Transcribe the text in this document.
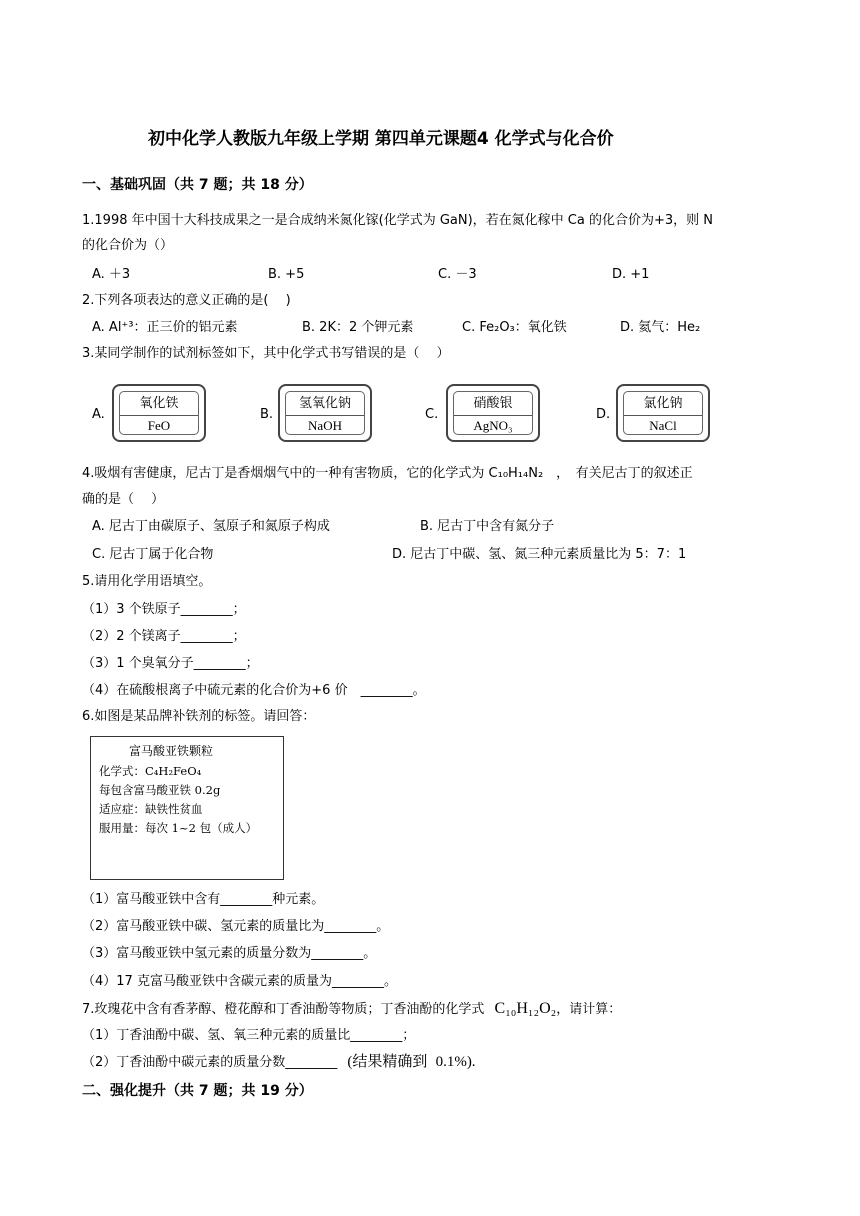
初中化学人教版九年级上学期 第四单元课题4 化学式与化合价
一、基础巩固（共 7 题；共 18 分）
1.1998 年中国十大科技成果之一是合成纳米氮化镓(化学式为 GaN)，若在氮化稼中 Ca 的化合价为+3，则 N
的化合价为（）
A. ＋3	B. +5	C. －3	D. +1
2.下列各项表达的意义正确的是(　 )
A. Al⁺³：正三价的铝元素	B. 2K：2 个钾元素	C. Fe₂O₃：氧化铁	D. 氦气：He₂
3.某同学制作的试剂标签如下，其中化学式书写错误的是（　 ）
A.
氧化铁
FeO
B.
氢氧化钠
NaOH
C.
硝酸银
AgNO₃
D.
氯化钠
NaCl
4.吸烟有害健康，尼古丁是香烟烟气中的一种有害物质，它的化学式为 C₁₀H₁₄N₂　，　有关尼古丁的叙述正
确的是（　 ）
A. 尼古丁由碳原子、氢原子和氮原子构成	B. 尼古丁中含有氮分子
C. 尼古丁属于化合物	D. 尼古丁中碳、氢、氮三种元素质量比为 5：7：1
5.请用化学用语填空。
（1）3 个铁原子________；
（2）2 个镁离子________；
（3）1 个臭氧分子________；
（4）在硫酸根离子中硫元素的化合价为+6 价　________。
6.如图是某品牌补铁剂的标签。请回答：
富马酸亚铁颗粒
化学式：C₄H₂FeO₄
每包含富马酸亚铁 0.2g
适应症：缺铁性贫血
服用量：每次 1~2 包（成人）
（1）富马酸亚铁中含有________种元素。
（2）富马酸亚铁中碳、氢元素的质量比为________。
（3）富马酸亚铁中氢元素的质量分数为________。
（4）17 克富马酸亚铁中含碳元素的质量为________。
7.玫瑰花中含有香茅醇、橙花醇和丁香油酚等物质；丁香油酚的化学式 C₁₀H₁₂O₂，请计算：
（1）丁香油酚中碳、氢、氧三种元素的质量比________；
（2）丁香油酚中碳元素的质量分数________ (结果精确到 0.1%).
二、强化提升（共 7 题；共 19 分）
